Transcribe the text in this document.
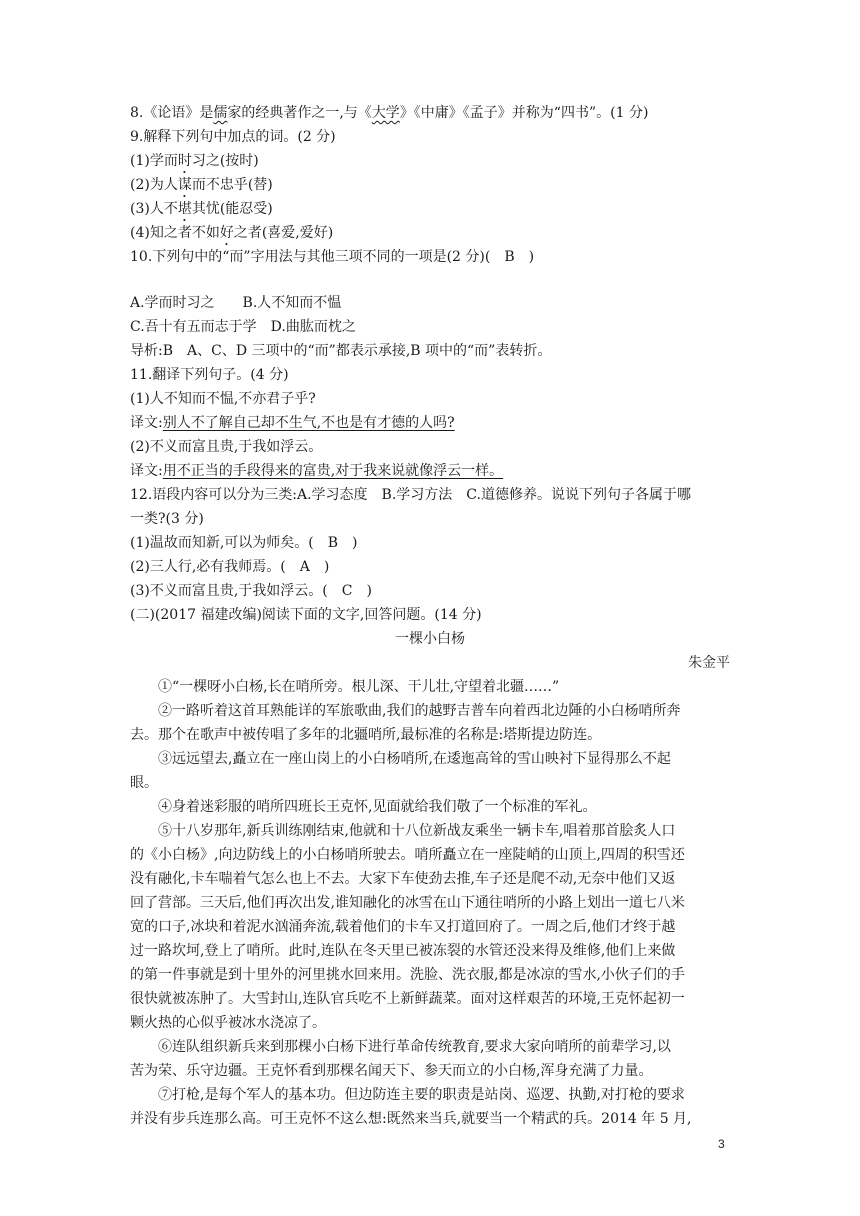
8.《论语》是儒家的经典著作之一,与《大学》《中庸》《孟子》并称为“四书”。(1 分)
9.解释下列句中加点的词。(2 分)
(1)学而时习之(按时)
(2)为人谋而不忠乎(替)
(3)人不堪其忧(能忍受)
(4)知之者不如好之者(喜爱,爱好)
10.下列句中的“而”字用法与其他三项不同的一项是(2 分)(　B　)
A.学而时习之　　B.人不知而不愠
C.吾十有五而志于学　D.曲肱而枕之
导析:B　A、C、D 三项中的“而”都表示承接,B 项中的“而”表转折。
11.翻译下列句子。(4 分)
(1)人不知而不愠,不亦君子乎?
译文:别人不了解自己却不生气,不也是有才德的人吗?
(2)不义而富且贵,于我如浮云。
译文:用不正当的手段得来的富贵,对于我来说就像浮云一样。
12.语段内容可以分为三类:A.学习态度　B.学习方法　C.道德修养。说说下列句子各属于哪
一类?(3 分)
(1)温故而知新,可以为师矣。(　B　)
(2)三人行,必有我师焉。(　A　)
(3)不义而富且贵,于我如浮云。(　C　)
(二)(2017 福建改编)阅读下面的文字,回答问题。(14 分)
一棵小白杨
朱金平
①“一棵呀小白杨,长在哨所旁。根儿深、干儿壮,守望着北疆……”
②一路听着这首耳熟能详的军旅歌曲,我们的越野吉普车向着西北边陲的小白杨哨所奔
去。那个在歌声中被传唱了多年的北疆哨所,最标准的名称是:塔斯提边防连。
③远远望去,矗立在一座山岗上的小白杨哨所,在逶迤高耸的雪山映衬下显得那么不起
眼。
④身着迷彩服的哨所四班长王克怀,见面就给我们敬了一个标准的军礼。
⑤十八岁那年,新兵训练刚结束,他就和十八位新战友乘坐一辆卡车,唱着那首脍炙人口
的《小白杨》,向边防线上的小白杨哨所驶去。哨所矗立在一座陡峭的山顶上,四周的积雪还
没有融化,卡车喘着气怎么也上不去。大家下车使劲去推,车子还是爬不动,无奈中他们又返
回了营部。三天后,他们再次出发,谁知融化的冰雪在山下通往哨所的小路上划出一道七八米
宽的口子,冰块和着泥水汹涌奔流,载着他们的卡车又打道回府了。一周之后,他们才终于越
过一路坎坷,登上了哨所。此时,连队在冬天里已被冻裂的水管还没来得及维修,他们上来做
的第一件事就是到十里外的河里挑水回来用。洗脸、洗衣服,都是冰凉的雪水,小伙子们的手
很快就被冻肿了。大雪封山,连队官兵吃不上新鲜蔬菜。面对这样艰苦的环境,王克怀起初一
颗火热的心似乎被冰水浇凉了。
⑥连队组织新兵来到那棵小白杨下进行革命传统教育,要求大家向哨所的前辈学习,以
苦为荣、乐守边疆。王克怀看到那棵名闻天下、参天而立的小白杨,浑身充满了力量。
⑦打枪,是每个军人的基本功。但边防连主要的职责是站岗、巡逻、执勤,对打枪的要求
并没有步兵连那么高。可王克怀不这么想:既然来当兵,就要当一个精武的兵。2014 年 5 月,
3
